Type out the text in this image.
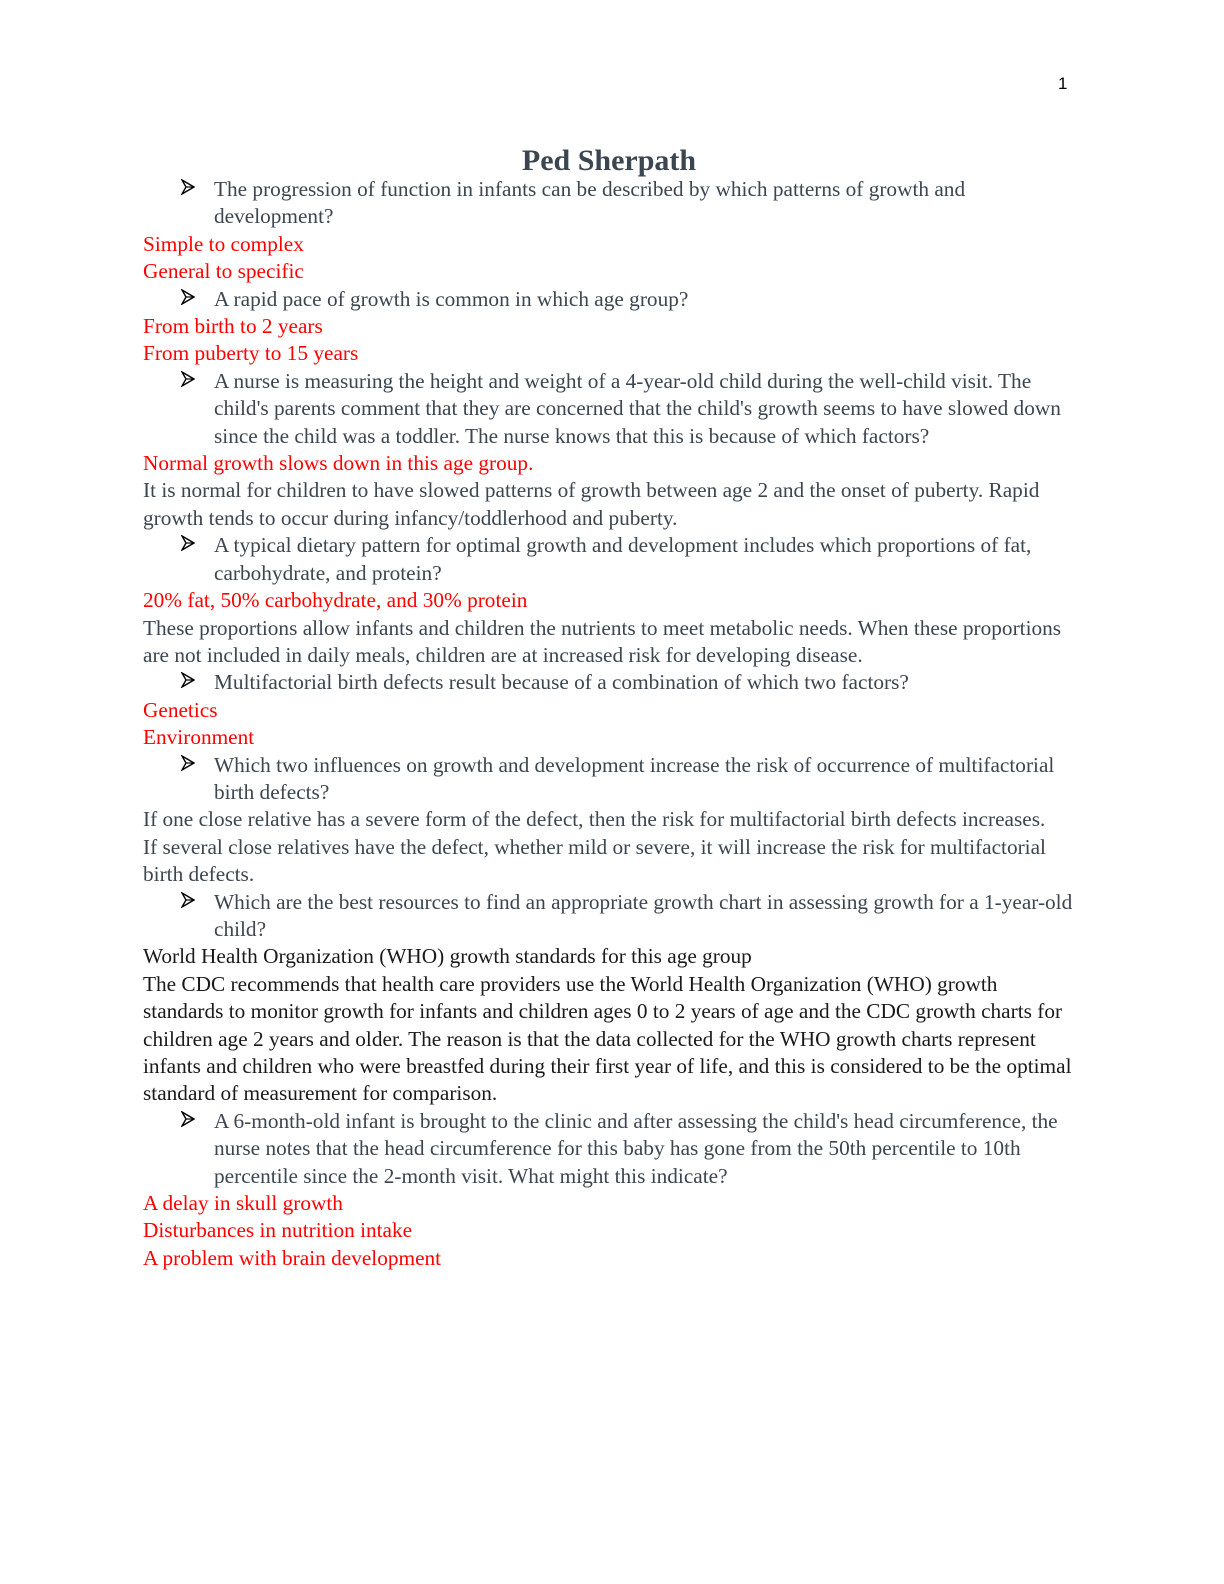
1
Ped Sherpath
The progression of function in infants can be described by which patterns of growth and development?
Simple to complex
General to specific
A rapid pace of growth is common in which age group?
From birth to 2 years
From puberty to 15 years
A nurse is measuring the height and weight of a 4-year-old child during the well-child visit. The child's parents comment that they are concerned that the child's growth seems to have slowed down since the child was a toddler. The nurse knows that this is because of which factors?
Normal growth slows down in this age group.
It is normal for children to have slowed patterns of growth between age 2 and the onset of puberty. Rapid growth tends to occur during infancy/toddlerhood and puberty.
A typical dietary pattern for optimal growth and development includes which proportions of fat, carbohydrate, and protein?
20% fat, 50% carbohydrate, and 30% protein
These proportions allow infants and children the nutrients to meet metabolic needs. When these proportions are not included in daily meals, children are at increased risk for developing disease.
Multifactorial birth defects result because of a combination of which two factors?
Genetics
Environment
Which two influences on growth and development increase the risk of occurrence of multifactorial birth defects?
If one close relative has a severe form of the defect, then the risk for multifactorial birth defects increases.
If several close relatives have the defect, whether mild or severe, it will increase the risk for multifactorial birth defects.
Which are the best resources to find an appropriate growth chart in assessing growth for a 1-year-old child?
World Health Organization (WHO) growth standards for this age group
The CDC recommends that health care providers use the World Health Organization (WHO) growth standards to monitor growth for infants and children ages 0 to 2 years of age and the CDC growth charts for children age 2 years and older. The reason is that the data collected for the WHO growth charts represent infants and children who were breastfed during their first year of life, and this is considered to be the optimal standard of measurement for comparison.
A 6-month-old infant is brought to the clinic and after assessing the child's head circumference, the nurse notes that the head circumference for this baby has gone from the 50th percentile to 10th percentile since the 2-month visit. What might this indicate?
A delay in skull growth
Disturbances in nutrition intake
A problem with brain development
